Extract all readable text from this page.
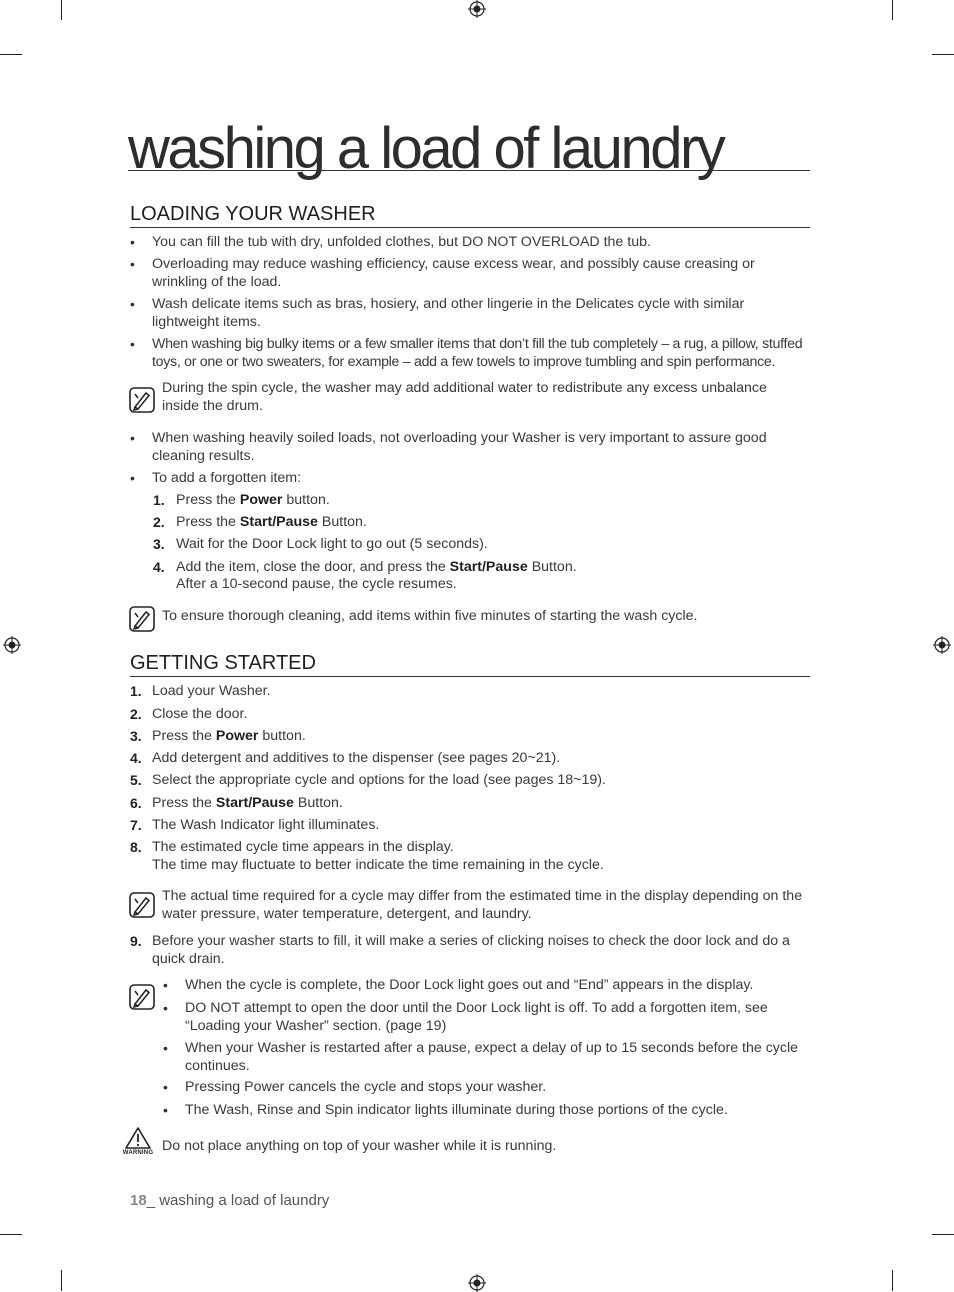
washing a load of laundry
LOADING YOUR WASHER
• You can fill the tub with dry, unfolded clothes, but DO NOT OVERLOAD the tub.
• Overloading may reduce washing efficiency, cause excess wear, and possibly cause creasing or wrinkling of the load.
• Wash delicate items such as bras, hosiery, and other lingerie in the Delicates cycle with similar lightweight items.
• When washing big bulky items or a few smaller items that don’t fill the tub completely – a rug, a pillow, stuffed toys, or one or two sweaters, for example – add a few towels to improve tumbling and spin performance.
During the spin cycle, the washer may add additional water to redistribute any excess unbalance inside the drum.
• When washing heavily soiled loads, not overloading your Washer is very important to assure good cleaning results.
• To add a forgotten item:
1. Press the Power button.
2. Press the Start/Pause Button.
3. Wait for the Door Lock light to go out (5 seconds).
4. Add the item, close the door, and press the Start/Pause Button.
After a 10-second pause, the cycle resumes.
To ensure thorough cleaning, add items within five minutes of starting the wash cycle.
GETTING STARTED
1. Load your Washer.
2. Close the door.
3. Press the Power button.
4. Add detergent and additives to the dispenser (see pages 20~21).
5. Select the appropriate cycle and options for the load (see pages 18~19).
6. Press the Start/Pause Button.
7. The Wash Indicator light illuminates.
8. The estimated cycle time appears in the display.
The time may fluctuate to better indicate the time remaining in the cycle.
The actual time required for a cycle may differ from the estimated time in the display depending on the water pressure, water temperature, detergent, and laundry.
9. Before your washer starts to fill, it will make a series of clicking noises to check the door lock and do a quick drain.
• When the cycle is complete, the Door Lock light goes out and “End” appears in the display.
• DO NOT attempt to open the door until the Door Lock light is off. To add a forgotten item, see “Loading your Washer” section. (page 19)
• When your Washer is restarted after a pause, expect a delay of up to 15 seconds before the cycle continues.
• Pressing Power cancels the cycle and stops your washer.
• The Wash, Rinse and Spin indicator lights illuminate during those portions of the cycle.
WARNING Do not place anything on top of your washer while it is running.
18_ washing a load of laundry
